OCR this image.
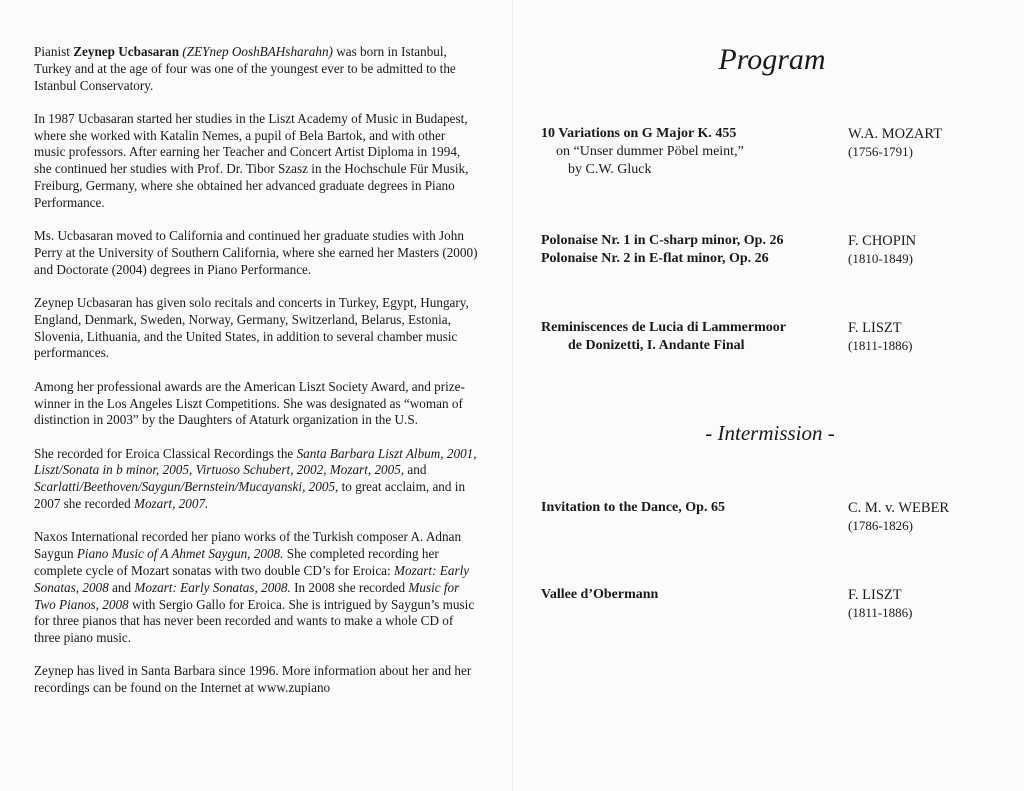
Pianist Zeynep Ucbasaran (ZEYnep OoshBAHsharahn) was born in Istanbul, Turkey and at the age of four was one of the youngest ever to be admitted to the Istanbul Conservatory.

In 1987 Ucbasaran started her studies in the Liszt Academy of Music in Budapest, where she worked with Katalin Nemes, a pupil of Bela Bartok, and with other music professors. After earning her Teacher and Concert Artist Diploma in 1994, she continued her studies with Prof. Dr. Tibor Szasz in the Hochschule Für Musik, Freiburg, Germany, where she obtained her advanced graduate degrees in Piano Performance.

Ms. Ucbasaran moved to California and continued her graduate studies with John Perry at the University of Southern California, where she earned her Masters (2000) and Doctorate (2004) degrees in Piano Performance.

Zeynep Ucbasaran has given solo recitals and concerts in Turkey, Egypt, Hungary, England, Denmark, Sweden, Norway, Germany, Switzerland, Belarus, Estonia, Slovenia, Lithuania, and the United States, in addition to several chamber music performances.

Among her professional awards are the American Liszt Society Award, and prize-winner in the Los Angeles Liszt Competitions. She was designated as “woman of distinction in 2003” by the Daughters of Ataturk organization in the U.S.

She recorded for Eroica Classical Recordings the Santa Barbara Liszt Album, 2001, Liszt/Sonata in b minor, 2005, Virtuoso Schubert, 2002, Mozart, 2005, and Scarlatti/Beethoven/Saygun/Bernstein/Mucayanski, 2005, to great acclaim, and in 2007 she recorded Mozart, 2007.

Naxos International recorded her piano works of the Turkish composer A. Adnan Saygun Piano Music of A Ahmet Saygun, 2008. She completed recording her complete cycle of Mozart sonatas with two double CD’s for Eroica: Mozart: Early Sonatas, 2008 and Mozart: Early Sonatas, 2008. In 2008 she recorded Music for Two Pianos, 2008 with Sergio Gallo for Eroica. She is intrigued by Saygun’s music for three pianos that has never been recorded and wants to make a whole CD of three piano music.

Zeynep has lived in Santa Barbara since 1996. More information about her and her recordings can be found on the Internet at www.zupiano

Program
10 Variations on G Major K. 455
on “Unser dummer Pöbel meint,”
by C.W. Gluck
W.A. MOZART
(1756-1791)
Polonaise Nr. 1 in C-sharp minor, Op. 26
Polonaise Nr. 2 in E-flat minor, Op. 26
F. CHOPIN
(1810-1849)
Reminiscences de Lucia di Lammermoor
de Donizetti, I. Andante Final
F. LISZT
(1811-1886)
- Intermission -
Invitation to the Dance, Op. 65	C. M. v. WEBER
(1786-1826)
Vallee d’Obermann	F. LISZT
(1811-1886)
